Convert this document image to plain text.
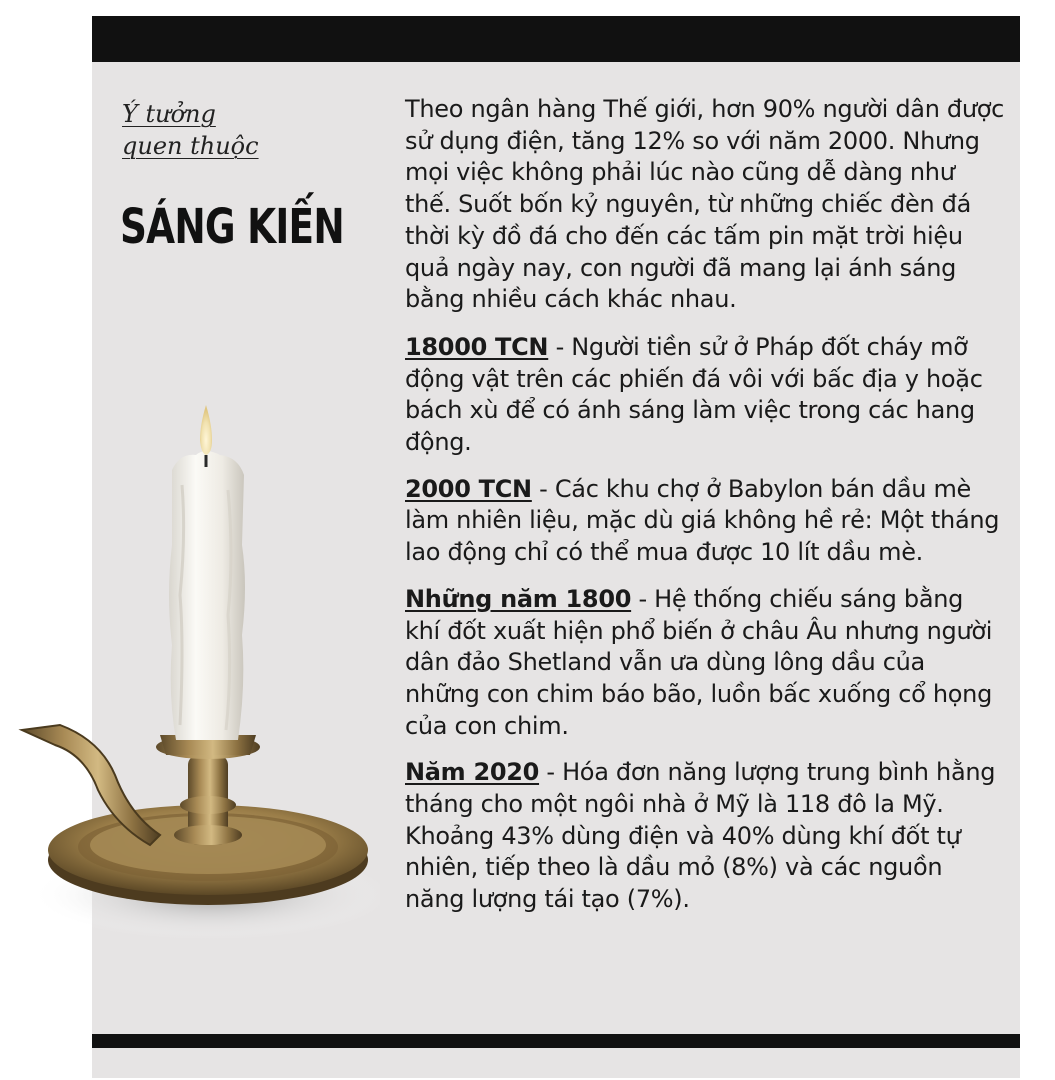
Ý tưởng
quen thuộc
SÁNG KIẾN

Theo ngân hàng Thế giới, hơn 90% người dân được sử dụng điện, tăng 12% so với năm 2000. Nhưng mọi việc không phải lúc nào cũng dễ dàng như thế. Suốt bốn kỷ nguyên, từ những chiếc đèn đá thời kỳ đồ đá cho đến các tấm pin mặt trời hiệu quả ngày nay, con người đã mang lại ánh sáng bằng nhiều cách khác nhau.

18000 TCN - Người tiền sử ở Pháp đốt cháy mỡ động vật trên các phiến đá vôi với bấc địa y hoặc bách xù để có ánh sáng làm việc trong các hang động.

2000 TCN - Các khu chợ ở Babylon bán dầu mè làm nhiên liệu, mặc dù giá không hề rẻ: Một tháng lao động chỉ có thể mua được 10 lít dầu mè.

Những năm 1800 - Hệ thống chiếu sáng bằng khí đốt xuất hiện phổ biến ở châu Âu nhưng người dân đảo Shetland vẫn ưa dùng lông dầu của những con chim báo bão, luồn bấc xuống cổ họng của con chim.

Năm 2020 - Hóa đơn năng lượng trung bình hằng tháng cho một ngôi nhà ở Mỹ là 118 đô la Mỹ. Khoảng 43% dùng điện và 40% dùng khí đốt tự nhiên, tiếp theo là dầu mỏ (8%) và các nguồn năng lượng tái tạo (7%).
